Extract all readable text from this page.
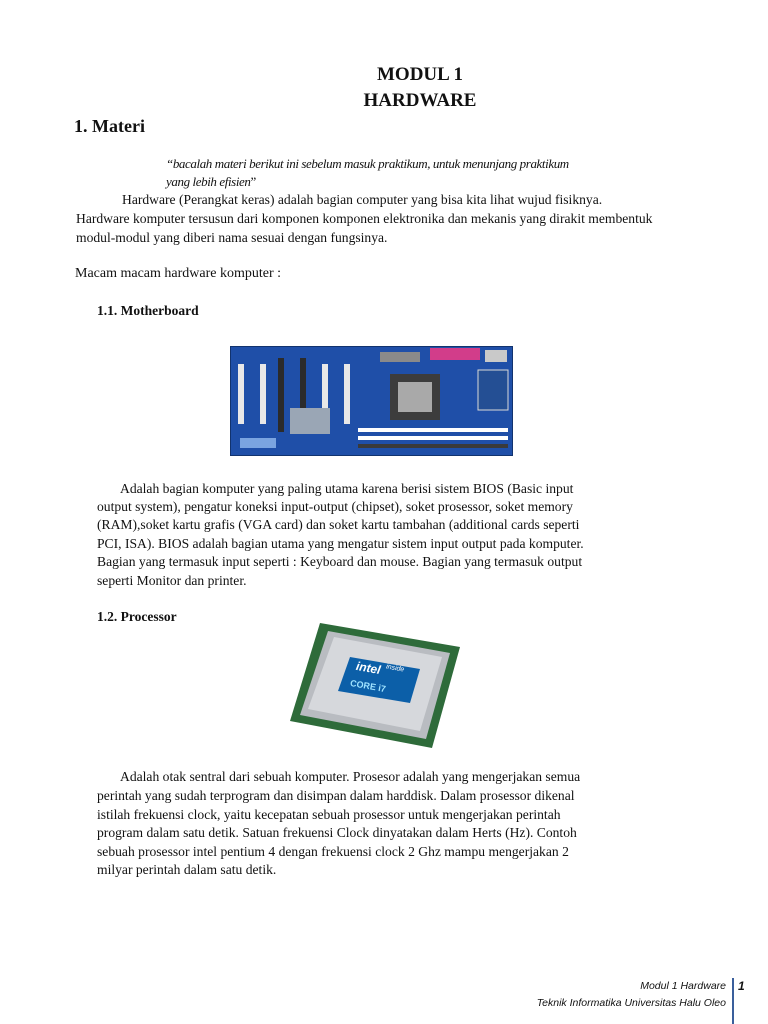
MODUL 1
HARDWARE
1. Materi
“bacalah materi berikut ini sebelum masuk praktikum, untuk menunjang praktikum
yang lebih efisien”
Hardware (Perangkat keras) adalah bagian computer yang bisa kita lihat wujud fisiknya.
Hardware komputer tersusun dari komponen komponen elektronika dan mekanis yang dirakit membentuk
modul-modul yang diberi nama sesuai dengan fungsinya.
Macam macam hardware komputer :
1.1. Motherboard
Adalah bagian komputer yang paling utama karena berisi sistem BIOS (Basic input
output system), pengatur koneksi input-output (chipset), soket prosessor, soket memory
(RAM),soket kartu grafis (VGA card) dan soket kartu tambahan (additional cards seperti
PCI, ISA). BIOS adalah bagian utama yang mengatur sistem input output pada komputer.
Bagian yang termasuk input seperti : Keyboard dan mouse. Bagian yang termasuk output
seperti Monitor dan printer.
1.2. Processor
intel inside
CORE i7
Adalah otak sentral dari sebuah komputer. Prosesor adalah yang mengerjakan semua
perintah yang sudah terprogram dan disimpan dalam harddisk. Dalam prosessor dikenal
istilah frekuensi clock, yaitu kecepatan sebuah prosessor untuk mengerjakan perintah
program dalam satu detik. Satuan frekuensi Clock dinyatakan dalam Herts (Hz). Contoh
sebuah prosessor intel pentium 4 dengan frekuensi clock 2 Ghz mampu mengerjakan 2
milyar perintah dalam satu detik.
Modul 1 Hardware
Teknik Informatika Universitas Halu Oleo
1
